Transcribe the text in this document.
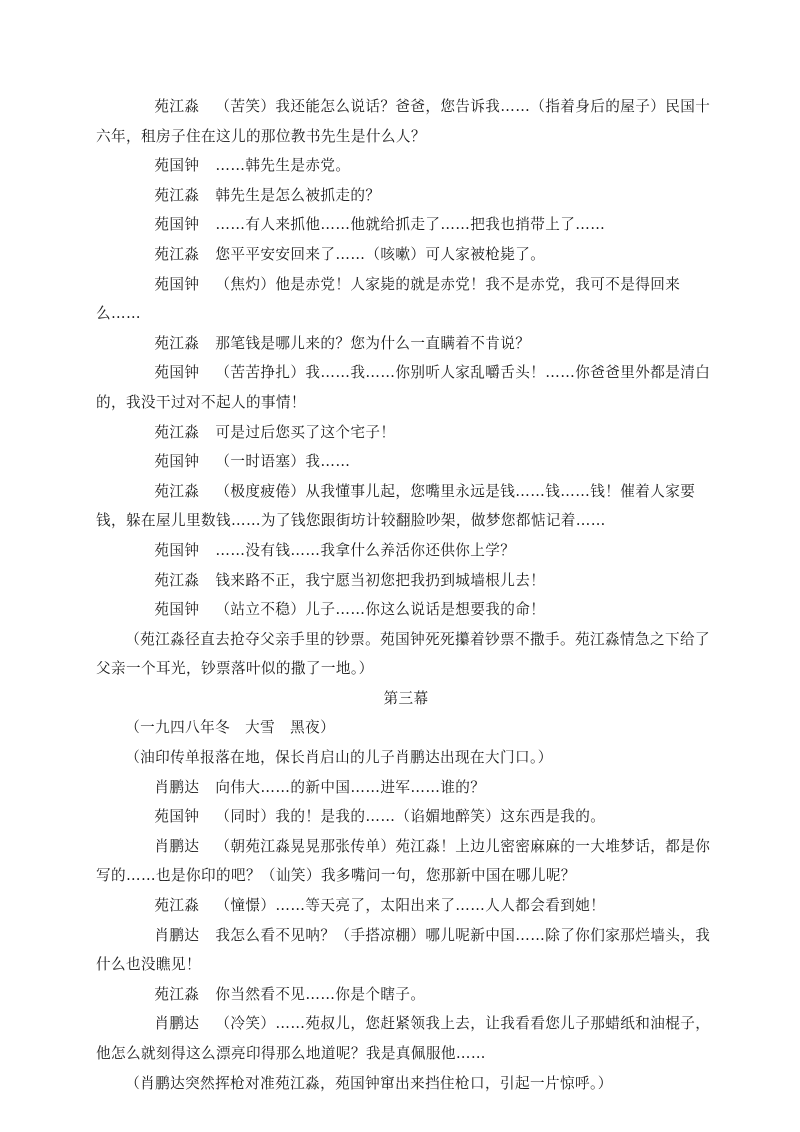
苑江淼 （苦笑）我还能怎么说话？爸爸，您告诉我……（指着身后的屋子）民国十六年，租房子住在这儿的那位教书先生是什么人？

苑国钟 ……韩先生是赤党。

苑江淼 韩先生是怎么被抓走的？

苑国钟 ……有人来抓他……他就给抓走了……把我也捎带上了……

苑江淼 您平平安安回来了……（咳嗽）可人家被枪毙了。

苑国钟 （焦灼）他是赤党！人家毙的就是赤党！我不是赤党，我可不是得回来么……

苑江淼 那笔钱是哪儿来的？您为什么一直瞒着不肯说？

苑国钟 （苦苦挣扎）我……我……你别听人家乱嚼舌头！……你爸爸里外都是清白的，我没干过对不起人的事情！

苑江淼 可是过后您买了这个宅子！

苑国钟 （一时语塞）我……

苑江淼 （极度疲倦）从我懂事儿起，您嘴里永远是钱……钱……钱！催着人家要钱，躲在屋儿里数钱……为了钱您跟街坊计较翻脸吵架，做梦您都惦记着……

苑国钟 ……没有钱……我拿什么养活你还供你上学？

苑江淼 钱来路不正，我宁愿当初您把我扔到城墙根儿去！

苑国钟 （站立不稳）儿子……你这么说话是想要我的命！

（苑江淼径直去抢夺父亲手里的钞票。苑国钟死死攥着钞票不撒手。苑江淼情急之下给了父亲一个耳光，钞票落叶似的撒了一地。）

第三幕

（一九四八年冬　大雪　黑夜）

（油印传单报落在地，保长肖启山的儿子肖鹏达出现在大门口。）

肖鹏达 向伟大……的新中国……进军……谁的？

苑国钟 （同时）我的！是我的……（谄媚地醉笑）这东西是我的。

肖鹏达 （朝苑江淼晃晃那张传单）苑江淼！上边儿密密麻麻的一大堆梦话，都是你写的……也是你印的吧？（讪笑）我多嘴问一句，您那新中国在哪儿呢？

苑江淼 （憧憬）……等天亮了，太阳出来了……人人都会看到她！

肖鹏达 我怎么看不见呐？（手搭凉棚）哪儿呢新中国……除了你们家那烂墙头，我什么也没瞧见！

苑江淼 你当然看不见……你是个瞎子。

肖鹏达 （冷笑）……苑叔儿，您赶紧领我上去，让我看看您儿子那蜡纸和油棍子，他怎么就刻得这么漂亮印得那么地道呢？我是真佩服他……

（肖鹏达突然挥枪对准苑江淼，苑国钟窜出来挡住枪口，引起一片惊呼。）
